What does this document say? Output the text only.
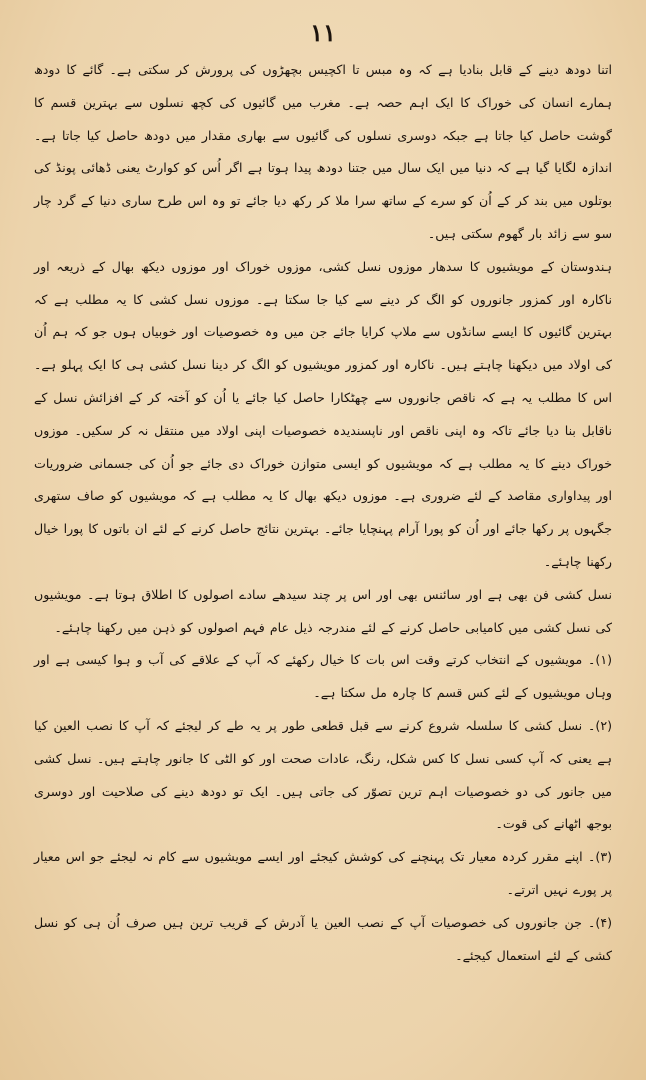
۱۱

اتنا دودھ دینے کے قابل بنادیا ہے کہ وہ مبس تا اکچیس بچھڑوں کی پرورش کر سکتی ہے۔ گائے کا دودھ ہمارے انسان کی خوراک کا ایک اہم حصہ ہے۔ مغرب میں گائیوں کی کچھ نسلوں سے بہترین قسم کا گوشت حاصل کیا جاتا ہے جبکہ دوسری نسلوں کی گائیوں سے بھاری مقدار میں دودھ حاصل کیا جاتا ہے۔ اندازہ لگایا گیا ہے کہ دنیا میں ایک سال میں جتنا دودھ پیدا ہوتا ہے اگر اُس کو کوارٹ یعنی ڈھائی پونڈ کی بوتلوں میں بند کر کے اُن کو سرے کے ساتھ سرا ملا کر رکھ دیا جائے تو وہ اس طرح ساری دنیا کے گرد چار سو سے زائد بار گھوم سکتی ہیں۔

ہندوستان کے مویشیوں کا سدھار موزوں نسل کشی، موزوں خوراک اور موزوں دیکھ بھال کے ذریعہ اور ناکارہ اور کمزور جانوروں کو الگ کر دینے سے کیا جا سکتا ہے۔ موزوں نسل کشی کا یہ مطلب ہے کہ بہترین گائیوں کا ایسے سانڈوں سے ملاپ کرایا جائے جن میں وہ خصوصیات اور خوبیاں ہوں جو کہ ہم اُن کی اولاد میں دیکھنا چاہتے ہیں۔ ناکارہ اور کمزور مویشیوں کو الگ کر دینا نسل کشی ہی کا ایک پہلو ہے۔ اس کا مطلب یہ ہے کہ ناقص جانوروں سے چھٹکارا حاصل کیا جائے یا اُن کو آختہ کر کے افزائش نسل کے ناقابل بنا دیا جائے تاکہ وہ اپنی ناقص اور ناپسندیدہ خصوصیات اپنی اولاد میں منتقل نہ کر سکیں۔ موزوں خوراک دینے کا یہ مطلب ہے کہ مویشیوں کو ایسی متوازن خوراک دی جائے جو اُن کی جسمانی ضروریات اور پیداواری مقاصد کے لئے ضروری ہے۔ موزوں دیکھ بھال کا یہ مطلب ہے کہ مویشیوں کو صاف ستھری جگہوں پر رکھا جائے اور اُن کو پورا آرام پہنچایا جائے۔ بہترین نتائج حاصل کرنے کے لئے ان باتوں کا پورا خیال رکھنا چاہئے۔

نسل کشی فن بھی ہے اور سائنس بھی اور اس پر چند سیدھے سادے اصولوں کا اطلاق ہوتا ہے۔ مویشیوں کی نسل کشی میں کامیابی حاصل کرنے کے لئے مندرجہ ذیل عام فہم اصولوں کو ذہن میں رکھنا چاہئے۔

(۱)۔ مویشیوں کے انتخاب کرتے وقت اس بات کا خیال رکھئے کہ آپ کے علاقے کی آب و ہوا کیسی ہے اور وہاں مویشیوں کے لئے کس قسم کا چارہ مل سکتا ہے۔

(۲)۔ نسل کشی کا سلسلہ شروع کرنے سے قبل قطعی طور پر یہ طے کر لیجئے کہ آپ کا نصب العین کیا ہے یعنی کہ آپ کسی نسل کا کس شکل، رنگ، عادات صحت اور کو الٹی کا جانور چاہتے ہیں۔ نسل کشی میں جانور کی دو خصوصیات اہم ترین تصوّر کی جاتی ہیں۔ ایک تو دودھ دینے کی صلاحیت اور دوسری بوجھ اٹھانے کی قوت۔

(۳)۔ اپنے مقرر کردہ معیار تک پہنچنے کی کوشش کیجئے اور ایسے مویشیوں سے کام نہ لیجئے جو اس معیار پر پورے نہیں اترتے۔

(۴)۔ جن جانوروں کی خصوصیات آپ کے نصب العین یا آدرش کے قریب ترین ہیں صرف اُن ہی کو نسل کشی کے لئے استعمال کیجئے۔
